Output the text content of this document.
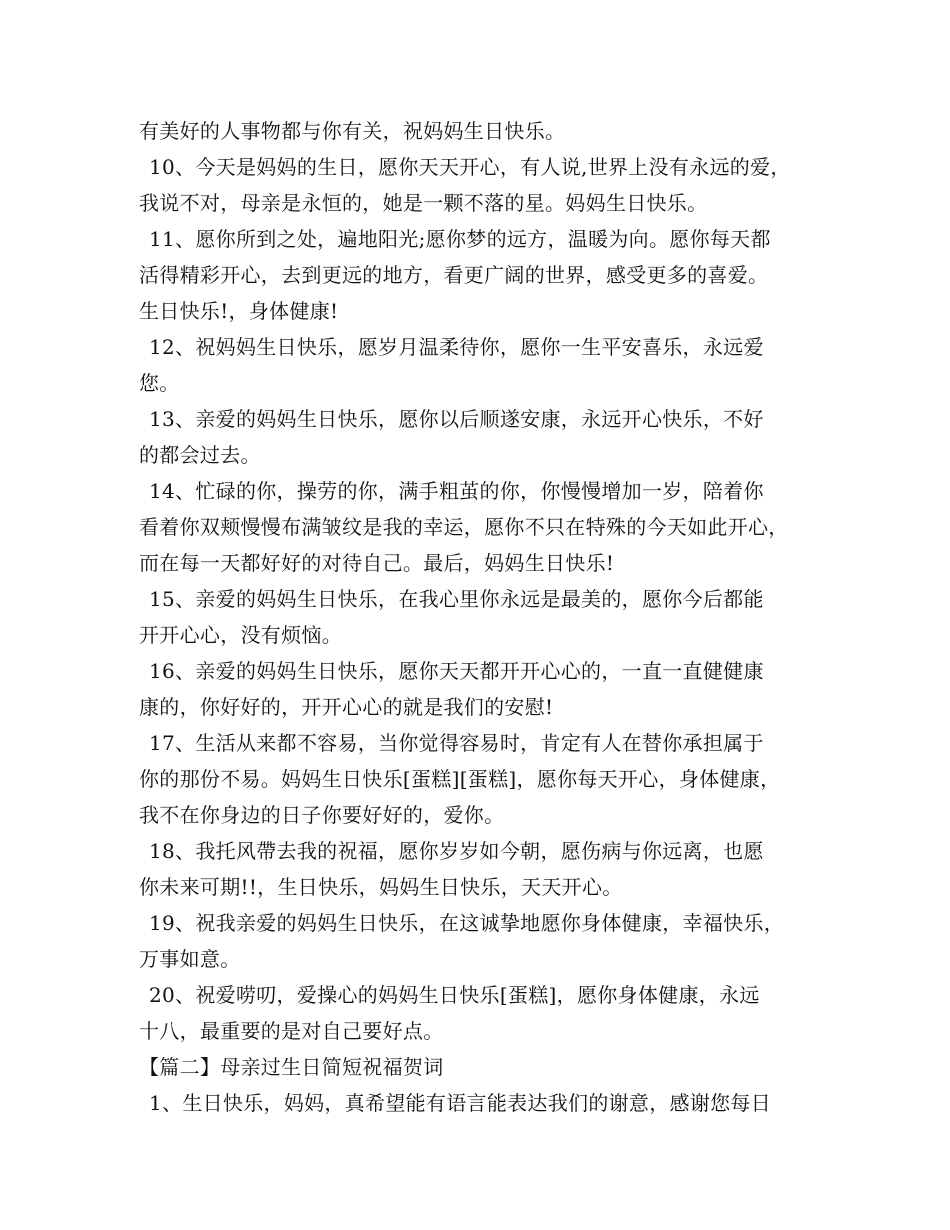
有美好的人事物都与你有关，祝妈妈生日快乐。
10、今天是妈妈的生日，愿你天天开心，有人说,世界上没有永远的爱，
我说不对，母亲是永恒的，她是一颗不落的星。妈妈生日快乐。
11、愿你所到之处，遍地阳光;愿你梦的远方，温暖为向。愿你每天都
活得精彩开心，去到更远的地方，看更广阔的世界，感受更多的喜爱。
生日快乐!，身体健康!
12、祝妈妈生日快乐，愿岁月温柔待你，愿你一生平安喜乐，永远爱
您。
13、亲爱的妈妈生日快乐，愿你以后顺遂安康，永远开心快乐，不好
的都会过去。
14、忙碌的你，操劳的你，满手粗茧的你，你慢慢增加一岁，陪着你
看着你双颊慢慢布满皱纹是我的幸运，愿你不只在特殊的今天如此开心，
而在每一天都好好的对待自己。最后，妈妈生日快乐!
15、亲爱的妈妈生日快乐，在我心里你永远是最美的，愿你今后都能
开开心心，没有烦恼。
16、亲爱的妈妈生日快乐，愿你天天都开开心心的，一直一直健健康
康的，你好好的，开开心心的就是我们的安慰!
17、生活从来都不容易，当你觉得容易时，肯定有人在替你承担属于
你的那份不易。妈妈生日快乐[蛋糕][蛋糕]，愿你每天开心，身体健康，
我不在你身边的日子你要好好的，爱你。
18、我托风帶去我的祝福，愿你岁岁如今朝，愿伤病与你远离，也愿
你未来可期!!，生日快乐，妈妈生日快乐，天天开心。
19、祝我亲爱的妈妈生日快乐，在这诚挚地愿你身体健康，幸福快乐，
万事如意。
20、祝爱唠叨，爱操心的妈妈生日快乐[蛋糕]，愿你身体健康，永远
十八，最重要的是对自己要好点。
【篇二】母亲过生日简短祝福贺词
1、生日快乐，妈妈，真希望能有语言能表达我们的谢意，感谢您每日
